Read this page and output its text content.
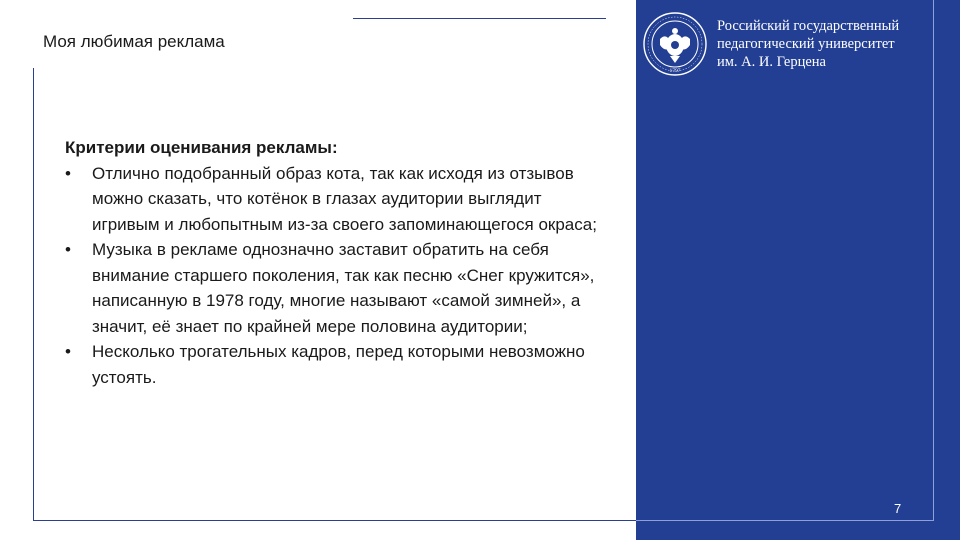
Моя любимая реклама

Критерии оценивания рекламы:

• Отлично подобранный образ кота, так как исходя из отзывов можно сказать, что котёнок в глазах аудитории выглядит игривым и любопытным из-за своего запоминающегося окраса;
• Музыка в рекламе однозначно заставит обратить на себя внимание старшего поколения, так как песню «Снег кружится», написанную в 1978 году, многие называют «самой зимней», а значит, её знает по крайней мере половина аудитории;
• Несколько трогательных кадров, перед которыми невозможно устоять.
1797
Российский государственный
педагогический университет
им. А. И. Герцена
7
